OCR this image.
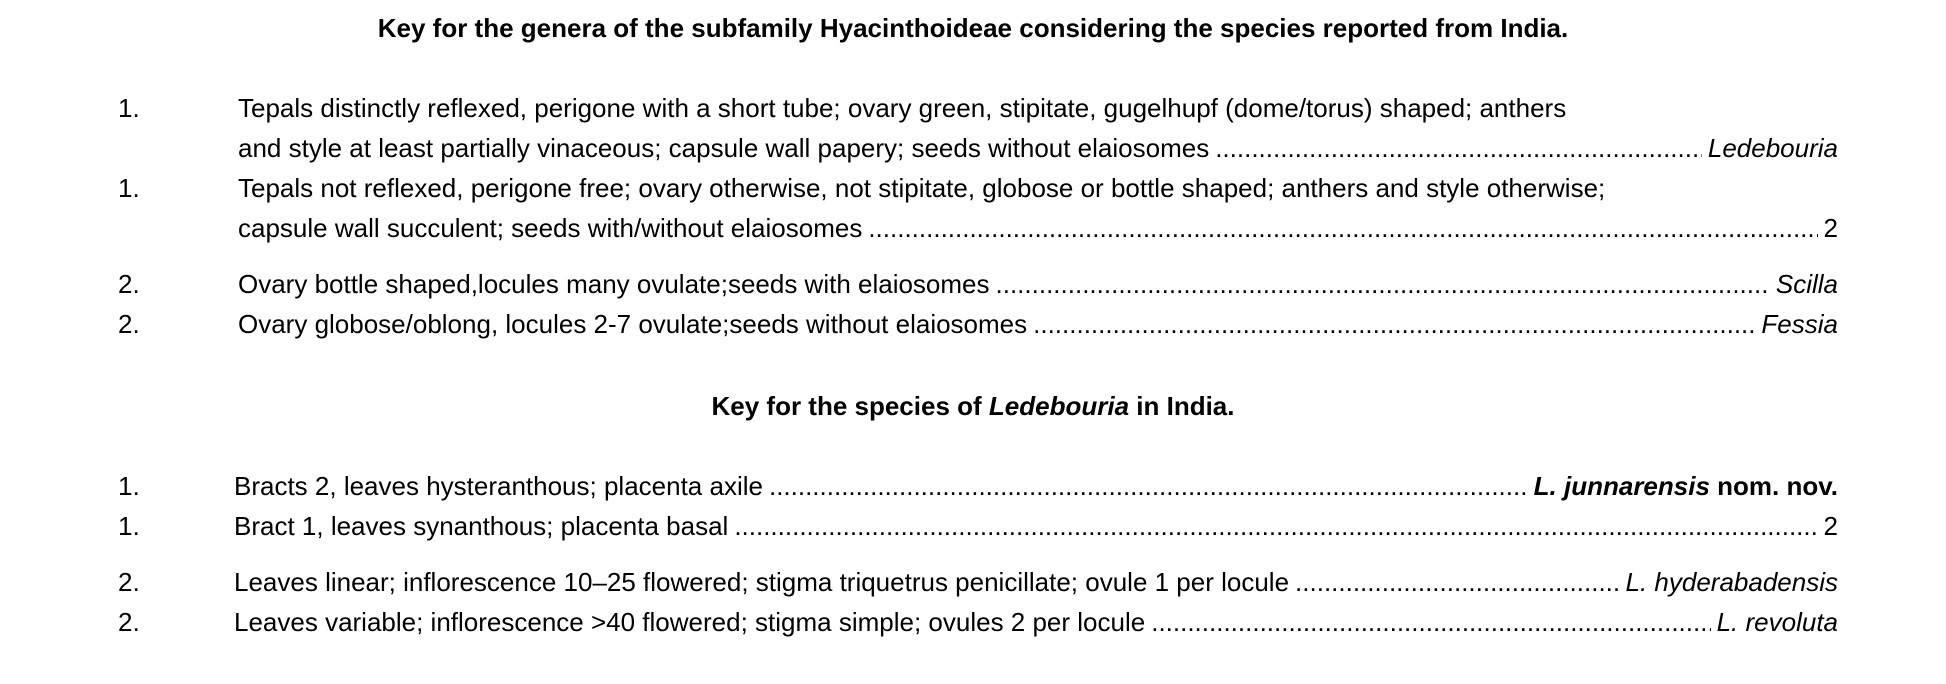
Key for the genera of the subfamily Hyacinthoideae considering the species reported from India.
1.	Tepals distinctly reflexed, perigone with a short tube; ovary green, stipitate, gugelhupf (dome/torus) shaped; anthers
and style at least partially vinaceous; capsule wall papery; seeds without elaiosomes .....	Ledebouria
1.	Tepals not reflexed, perigone free; ovary otherwise, not stipitate, globose or bottle shaped; anthers and style otherwise;
capsule wall succulent; seeds with/without elaiosomes .....	2
2.	Ovary bottle shaped,locules many ovulate;seeds with elaiosomes .....	Scilla
2.	Ovary globose/oblong, locules 2-7 ovulate;seeds without elaiosomes .....	Fessia
Key for the species of Ledebouria in India.
1.	Bracts 2, leaves hysteranthous; placenta axile .....	L. junnarensis nom. nov.
1.	Bract 1, leaves synanthous; placenta basal .....	2
2.	Leaves linear; inflorescence 10–25 flowered; stigma triquetrus penicillate; ovule 1 per locule .....	L. hyderabadensis
2.	Leaves variable; inflorescence >40 flowered; stigma simple; ovules 2 per locule .....	L. revoluta
